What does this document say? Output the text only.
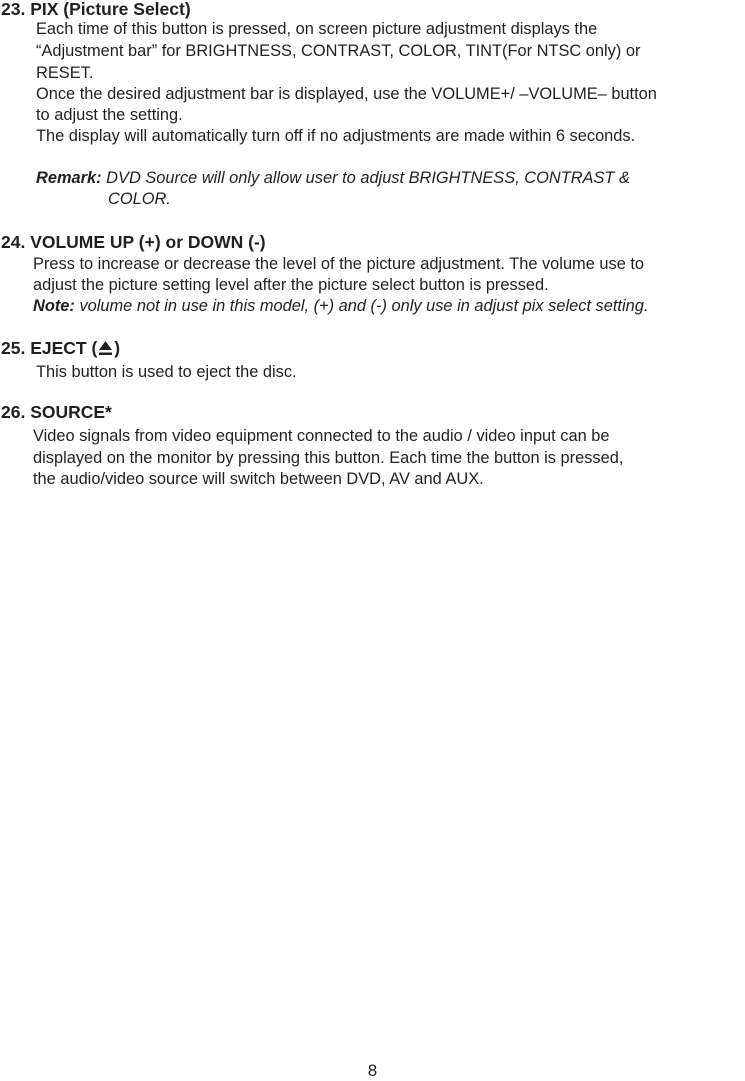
23. PIX (Picture Select)

Each time of this button is pressed, on screen picture adjustment displays the

“Adjustment bar” for BRIGHTNESS, CONTRAST, COLOR, TINT(For NTSC only) or

RESET.

Once the desired adjustment bar is displayed, use the VOLUME+/ –VOLUME– button

to adjust the setting.

The display will automatically turn off if no adjustments are made within 6 seconds.

Remark: DVD Source will only allow user to adjust BRIGHTNESS, CONTRAST &

COLOR.

24. VOLUME UP (+) or DOWN (-)

Press to increase or decrease the level of the picture adjustment. The volume use to

adjust the picture setting level after the picture select button is pressed.

Note: volume not in use in this model, (+) and (-) only use in adjust pix select setting.

25. EJECT ( )

This button is used to eject the disc.

26. SOURCE*

Video signals from video equipment connected to the audio / video input can be

displayed on the monitor by pressing this button. Each time the button is pressed,

the audio/video source will switch between DVD, AV and AUX.

8
